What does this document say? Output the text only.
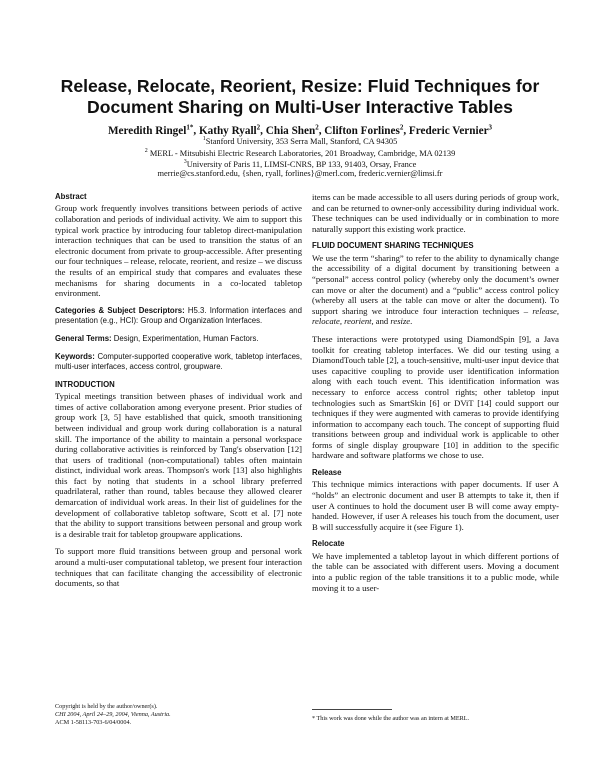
Release, Relocate, Reorient, Resize: Fluid Techniques for
Document Sharing on Multi-User Interactive Tables
Meredith Ringel$^{1*}$, Kathy Ryall$^2$, Chia Shen$^2$, Clifton Forlines$^2$, Frederic Vernier$^3$
$^1$Stanford University, 353 Serra Mall, Stanford, CA 94305
$^2$ MERL - Mitsubishi Electric Research Laboratories, 201 Broadway, Cambridge, MA 02139
$^3$University of Paris 11, LIMSI-CNRS, BP 133, 91403, Orsay, France
merrie@cs.stanford.edu, {shen, ryall, forlines}@merl.com, frederic.vernier@limsi.fr
Abstract

Group work frequently involves transitions between periods of active collaboration and periods of individual activity. We aim to support this typical work practice by introducing four tabletop direct-manipulation interaction techniques that can be used to transition the status of an electronic document from private to group-accessible. After presenting our four techniques – release, relocate, reorient, and resize – we discuss the results of an empirical study that compares and evaluates these mechanisms for sharing documents in a co-located tabletop environment.

Categories & Subject Descriptors: H5.3. Information interfaces and presentation (e.g., HCI): Group and Organization Interfaces.

General Terms: Design, Experimentation, Human Factors.

Keywords: Computer-supported cooperative work, tabletop interfaces, multi-user interfaces, access control, groupware.

INTRODUCTION

Typical meetings transition between phases of individual work and times of active collaboration among everyone present. Prior studies of group work [3, 5] have established that quick, smooth transitioning between individual and group work during collaboration is a natural skill. The importance of the ability to maintain a personal workspace during collaborative activities is reinforced by Tang's observation [12] that users of traditional (non-computational) tables often maintain distinct, individual work areas. Thompson's work [13] also highlights this fact by noting that students in a school library preferred quadrilateral, rather than round, tables because they allowed clearer demarcation of individual work areas. In their list of guidelines for the development of collaborative tabletop software, Scott et al. [7] note that the ability to support transitions between personal and group work is a desirable trait for tabletop groupware applications.

To support more fluid transitions between group and personal work around a multi-user computational tabletop, we present four interaction techniques that can facilitate changing the accessibility of electronic documents, so that

Copyright is held by the author/owner(s).
CHI 2004, April 24–29, 2004, Vienna, Austria.
ACM 1-58113-703-6/04/0004.

items can be made accessible to all users during periods of group work, and can be returned to owner-only accessibility during individual work. These techniques can be used individually or in combination to more naturally support this existing work practice.

FLUID DOCUMENT SHARING TECHNIQUES

We use the term “sharing” to refer to the ability to dynamically change the accessibility of a digital document by transitioning between a “personal” access control policy (whereby only the document’s owner can move or alter the document) and a “public” access control policy (whereby all users at the table can move or alter the document). To support sharing we introduce four interaction techniques – release, relocate, reorient, and resize.

These interactions were prototyped using DiamondSpin [9], a Java toolkit for creating tabletop interfaces. We did our testing using a DiamondTouch table [2], a touch-sensitive, multi-user input device that uses capacitive coupling to provide user identification information along with each touch event. This identification information was necessary to enforce access control rights; other tabletop input technologies such as SmartSkin [6] or DViT [14] could support our techniques if they were augmented with cameras to provide identifying information to accompany each touch. The concept of supporting fluid transitions between group and individual work is applicable to other forms of single display groupware [10] in addition to the specific hardware and software platforms we chose to use.

Release

This technique mimics interactions with paper documents. If user A “holds” an electronic document and user B attempts to take it, then if user A continues to hold the document user B will come away empty-handed. However, if user A releases his touch from the document, user B will successfully acquire it (see Figure 1).

Relocate

We have implemented a tabletop layout in which different portions of the table can be associated with different users. Moving a document into a public region of the table transitions it to a public mode, while moving it to a user-

* This work was done while the author was an intern at MERL.
